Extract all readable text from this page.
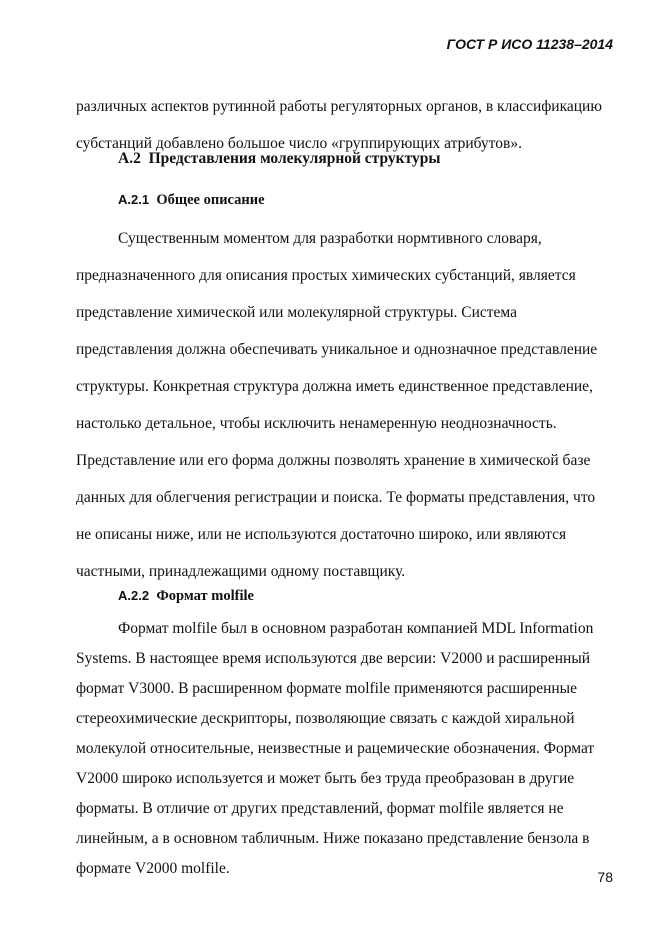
ГОСТ Р ИСО 11238–2014
различных аспектов рутинной работы регуляторных органов, в классификацию
субстанций добавлено большое число «группирующих атрибутов».
А.2 Представления молекулярной структуры
А.2.1 Общее описание
Существенным моментом для разработки нормтивного словаря,
предназначенного для описания простых химических субстанций, является
представление химической или молекулярной структуры. Система
представления должна обеспечивать уникальное и однозначное представление
структуры. Конкретная структура должна иметь единственное представление,
настолько детальное, чтобы исключить ненамеренную неоднозначность.
Представление или его форма должны позволять хранение в химической базе
данных для облегчения регистрации и поиска. Те форматы представления, что
не описаны ниже, или не используются достаточно широко, или являются
частными, принадлежащими одному поставщику.
А.2.2 Формат molfile
Формат molfile был в основном разработан компанией MDL Information
Systems. В настоящее время используются две версии: V2000 и расширенный
формат V3000. В расширенном формате molfile применяются расширенные
стереохимические дескрипторы, позволяющие связать с каждой хиральной
молекулой относительные, неизвестные и рацемические обозначения. Формат
V2000 широко используется и может быть без труда преобразован в другие
форматы. В отличие от других представлений, формат molfile является не
линейным, а в основном табличным. Ниже показано представление бензола в
формате V2000 molfile.	78
